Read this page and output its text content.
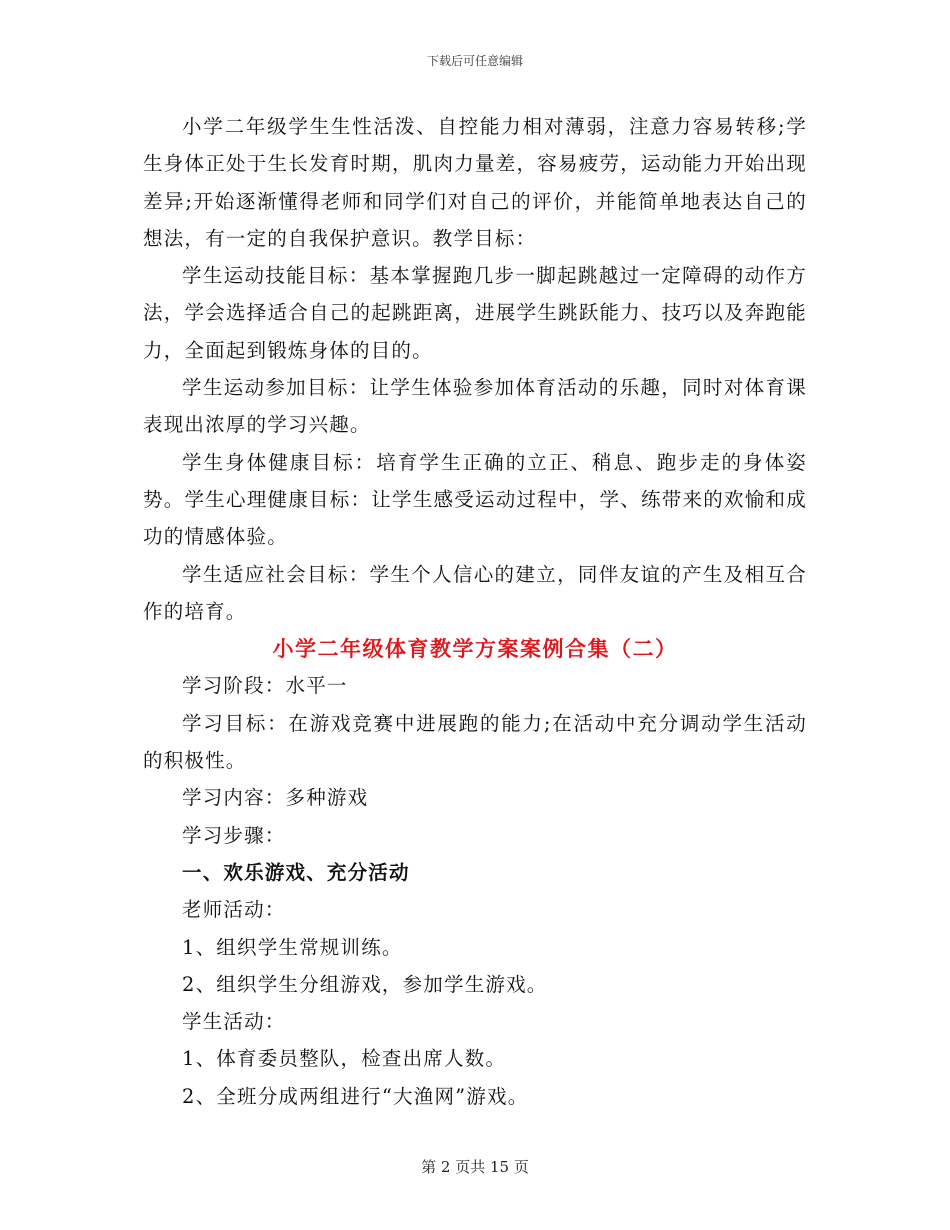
下载后可任意编辑

小学二年级学生生性活泼、自控能力相对薄弱，注意力容易转移;学生身体正处于生长发育时期，肌肉力量差，容易疲劳，运动能力开始出现差异;开始逐渐懂得老师和同学们对自己的评价，并能简单地表达自己的想法，有一定的自我保护意识。教学目标：

学生运动技能目标：基本掌握跑几步一脚起跳越过一定障碍的动作方法，学会选择适合自己的起跳距离，进展学生跳跃能力、技巧以及奔跑能力，全面起到锻炼身体的目的。

学生运动参加目标：让学生体验参加体育活动的乐趣，同时对体育课表现出浓厚的学习兴趣。

学生身体健康目标：培育学生正确的立正、稍息、跑步走的身体姿势。学生心理健康目标：让学生感受运动过程中，学、练带来的欢愉和成功的情感体验。

学生适应社会目标：学生个人信心的建立，同伴友谊的产生及相互合作的培育。

小学二年级体育教学方案案例合集（二）

学习阶段：水平一

学习目标：在游戏竞赛中进展跑的能力;在活动中充分调动学生活动的积极性。

学习内容：多种游戏

学习步骤：

一、欢乐游戏、充分活动

老师活动：

1、组织学生常规训练。

2、组织学生分组游戏，参加学生游戏。

学生活动：

1、体育委员整队，检查出席人数。

2、全班分成两组进行“大渔网”游戏。

第 2 页共 15 页
